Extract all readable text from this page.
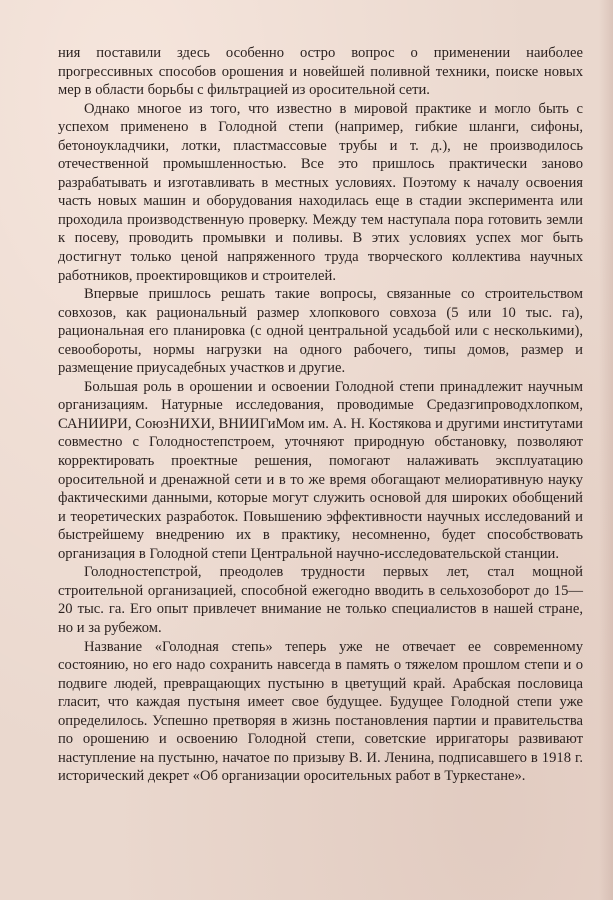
ния поставили здесь особенно остро вопрос о применении наиболее прогрессивных способов орошения и новейшей поливной техники, поиске новых мер в области борьбы с фильтрацией из оросительной сети.

Однако многое из того, что известно в мировой практике и могло быть с успехом применено в Голодной степи (например, гибкие шланги, сифоны, бетоноукладчики, лотки, пластмассовые трубы и т. д.), не производилось отечественной промышленностью. Все это пришлось практически заново разрабатывать и изготавливать в местных условиях. Поэтому к началу освоения часть новых машин и оборудования находилась еще в стадии эксперимента или проходила производственную проверку. Между тем наступала пора готовить земли к посеву, проводить промывки и поливы. В этих условиях успех мог быть достигнут только ценой напряженного труда творческого коллектива научных работников, проектировщиков и строителей.

Впервые пришлось решать такие вопросы, связанные со строительством совхозов, как рациональный размер хлопкового совхоза (5 или 10 тыс. га), рациональная его планировка (с одной центральной усадьбой или с несколькими), севообороты, нормы нагрузки на одного рабочего, типы домов, размер и размещение приусадебных участков и другие.

Большая роль в орошении и освоении Голодной степи принадлежит научным организациям. Натурные исследования, проводимые Средазгипроводхлопком, САНИИРИ, СоюзНИХИ, ВНИИГиМом им. А. Н. Костякова и другими институтами совместно с Голодностепстроем, уточняют природную обстановку, позволяют корректировать проектные решения, помогают налаживать эксплуатацию оросительной и дренажной сети и в то же время обогащают мелиоративную науку фактическими данными, которые могут служить основой для широких обобщений и теоретических разработок. Повышению эффективности научных исследований и быстрейшему внедрению их в практику, несомненно, будет способствовать организация в Голодной степи Центральной научно-исследовательской станции.

Голодностепстрой, преодолев трудности первых лет, стал мощной строительной организацией, способной ежегодно вводить в сельхозоборот до 15—20 тыс. га. Его опыт привлечет внимание не только специалистов в нашей стране, но и за рубежом.

Название «Голодная степь» теперь уже не отвечает ее современному состоянию, но его надо сохранить навсегда в память о тяжелом прошлом степи и о подвиге людей, превращающих пустыню в цветущий край. Арабская пословица гласит, что каждая пустыня имеет свое будущее. Будущее Голодной степи уже определилось. Успешно претворяя в жизнь постановления партии и правительства по орошению и освоению Голодной степи, советские ирригаторы развивают наступление на пустыню, начатое по призыву В. И. Ленина, подписавшего в 1918 г. исторический декрет «Об организации оросительных работ в Туркестане».
